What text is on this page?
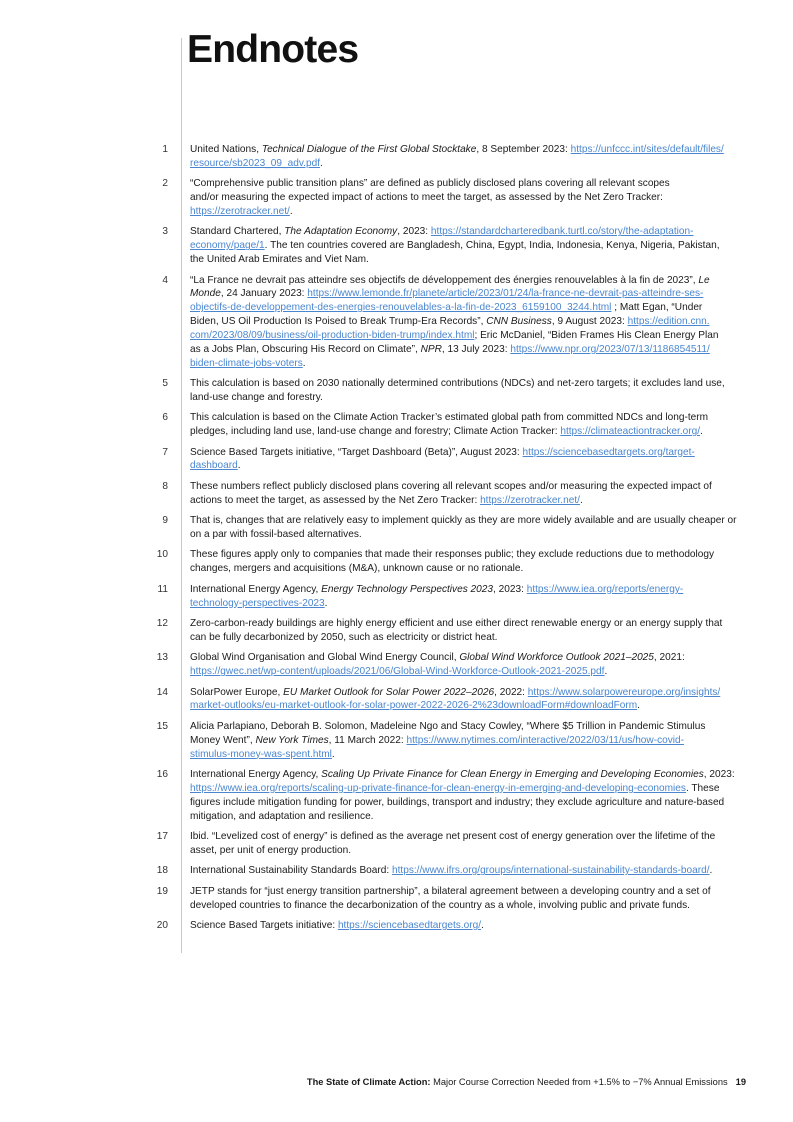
Endnotes
1 United Nations, Technical Dialogue of the First Global Stocktake, 8 September 2023: https://unfccc.int/sites/default/files/
resource/sb2023_09_adv.pdf.
2 “Comprehensive public transition plans” are defined as publicly disclosed plans covering all relevant scopes
and/or measuring the expected impact of actions to meet the target, as assessed by the Net Zero Tracker:
https://zerotracker.net/.
3 Standard Chartered, The Adaptation Economy, 2023: https://standardcharteredbank.turtl.co/story/the-adaptation-
economy/page/1. The ten countries covered are Bangladesh, China, Egypt, India, Indonesia, Kenya, Nigeria, Pakistan,
the United Arab Emirates and Viet Nam.
4 “La France ne devrait pas atteindre ses objectifs de développement des énergies renouvelables à la fin de 2023”, Le
Monde, 24 January 2023: https://www.lemonde.fr/planete/article/2023/01/24/la-france-ne-devrait-pas-atteindre-ses-
objectifs-de-developpement-des-energies-renouvelables-a-la-fin-de-2023_6159100_3244.html ; Matt Egan, “Under
Biden, US Oil Production Is Poised to Break Trump-Era Records”, CNN Business, 9 August 2023: https://edition.cnn.
com/2023/08/09/business/oil-production-biden-trump/index.html; Eric McDaniel, “Biden Frames His Clean Energy Plan
as a Jobs Plan, Obscuring His Record on Climate”, NPR, 13 July 2023: https://www.npr.org/2023/07/13/1186854511/
biden-climate-jobs-voters.
5 This calculation is based on 2030 nationally determined contributions (NDCs) and net-zero targets; it excludes land use,
land-use change and forestry.
6 This calculation is based on the Climate Action Tracker’s estimated global path from committed NDCs and long-term
pledges, including land use, land-use change and forestry; Climate Action Tracker: https://climateactiontracker.org/.
7 Science Based Targets initiative, “Target Dashboard (Beta)”, August 2023: https://sciencebasedtargets.org/target-
dashboard.
8 These numbers reflect publicly disclosed plans covering all relevant scopes and/or measuring the expected impact of
actions to meet the target, as assessed by the Net Zero Tracker: https://zerotracker.net/.
9 That is, changes that are relatively easy to implement quickly as they are more widely available and are usually cheaper or
on a par with fossil-based alternatives.
10 These figures apply only to companies that made their responses public; they exclude reductions due to methodology
changes, mergers and acquisitions (M&A), unknown cause or no rationale.
11 International Energy Agency, Energy Technology Perspectives 2023, 2023: https://www.iea.org/reports/energy-
technology-perspectives-2023.
12 Zero-carbon-ready buildings are highly energy efficient and use either direct renewable energy or an energy supply that
can be fully decarbonized by 2050, such as electricity or district heat.
13 Global Wind Organisation and Global Wind Energy Council, Global Wind Workforce Outlook 2021–2025, 2021:
https://gwec.net/wp-content/uploads/2021/06/Global-Wind-Workforce-Outlook-2021-2025.pdf.
14 SolarPower Europe, EU Market Outlook for Solar Power 2022–2026, 2022: https://www.solarpowereurope.org/insights/
market-outlooks/eu-market-outlook-for-solar-power-2022-2026-2%23downloadForm#downloadForm.
15 Alicia Parlapiano, Deborah B. Solomon, Madeleine Ngo and Stacy Cowley, “Where $5 Trillion in Pandemic Stimulus
Money Went”, New York Times, 11 March 2022: https://www.nytimes.com/interactive/2022/03/11/us/how-covid-
stimulus-money-was-spent.html.
16 International Energy Agency, Scaling Up Private Finance for Clean Energy in Emerging and Developing Economies, 2023:
https://www.iea.org/reports/scaling-up-private-finance-for-clean-energy-in-emerging-and-developing-economies. These
figures include mitigation funding for power, buildings, transport and industry; they exclude agriculture and nature-based
mitigation, and adaptation and resilience.
17 Ibid. “Levelized cost of energy” is defined as the average net present cost of energy generation over the lifetime of the
asset, per unit of energy production.
18 International Sustainability Standards Board: https://www.ifrs.org/groups/international-sustainability-standards-board/.
19 JETP stands for “just energy transition partnership”, a bilateral agreement between a developing country and a set of
developed countries to finance the decarbonization of the country as a whole, involving public and private funds.
20 Science Based Targets initiative: https://sciencebasedtargets.org/.
The State of Climate Action: Major Course Correction Needed from +1.5% to −7% Annual Emissions 19
